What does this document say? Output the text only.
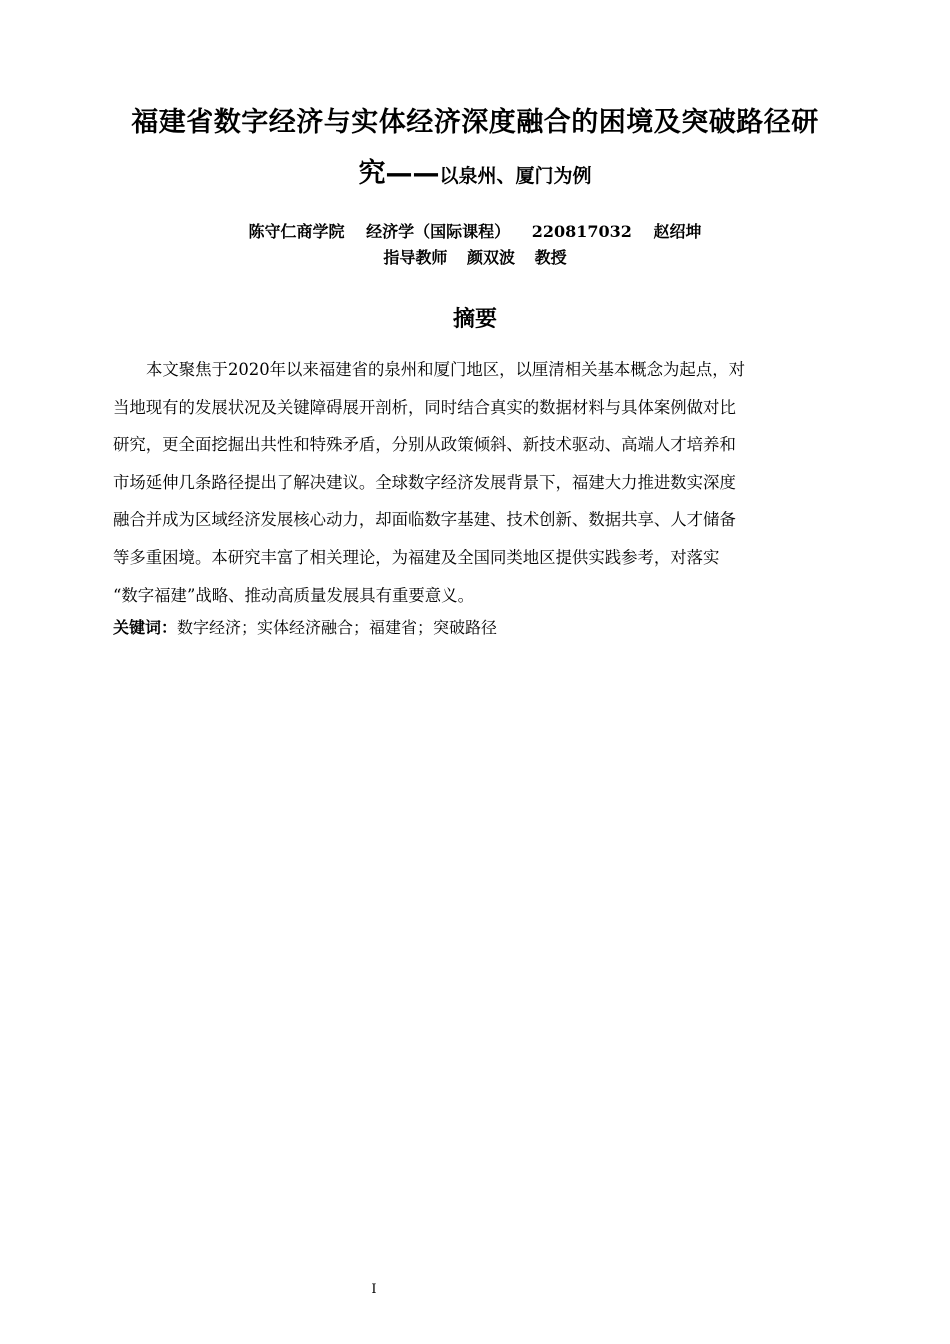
福建省数字经济与实体经济深度融合的困境及突破路径研
究——以泉州、厦门为例
陈守仁商学院 经济学（国际课程） 220817032 赵绍坤
指导教师 颜双波 教授
摘要
本文聚焦于2020年以来福建省的泉州和厦门地区，以厘清相关基本概念为起点，对
当地现有的发展状况及关键障碍展开剖析，同时结合真实的数据材料与具体案例做对比
研究，更全面挖掘出共性和特殊矛盾，分别从政策倾斜、新技术驱动、高端人才培养和
市场延伸几条路径提出了解决建议。全球数字经济发展背景下，福建大力推进数实深度
融合并成为区域经济发展核心动力，却面临数字基建、技术创新、数据共享、人才储备
等多重困境。本研究丰富了相关理论，为福建及全国同类地区提供实践参考，对落实
“数字福建”战略、推动高质量发展具有重要意义。
关键词：数字经济；实体经济融合；福建省；突破路径
I
